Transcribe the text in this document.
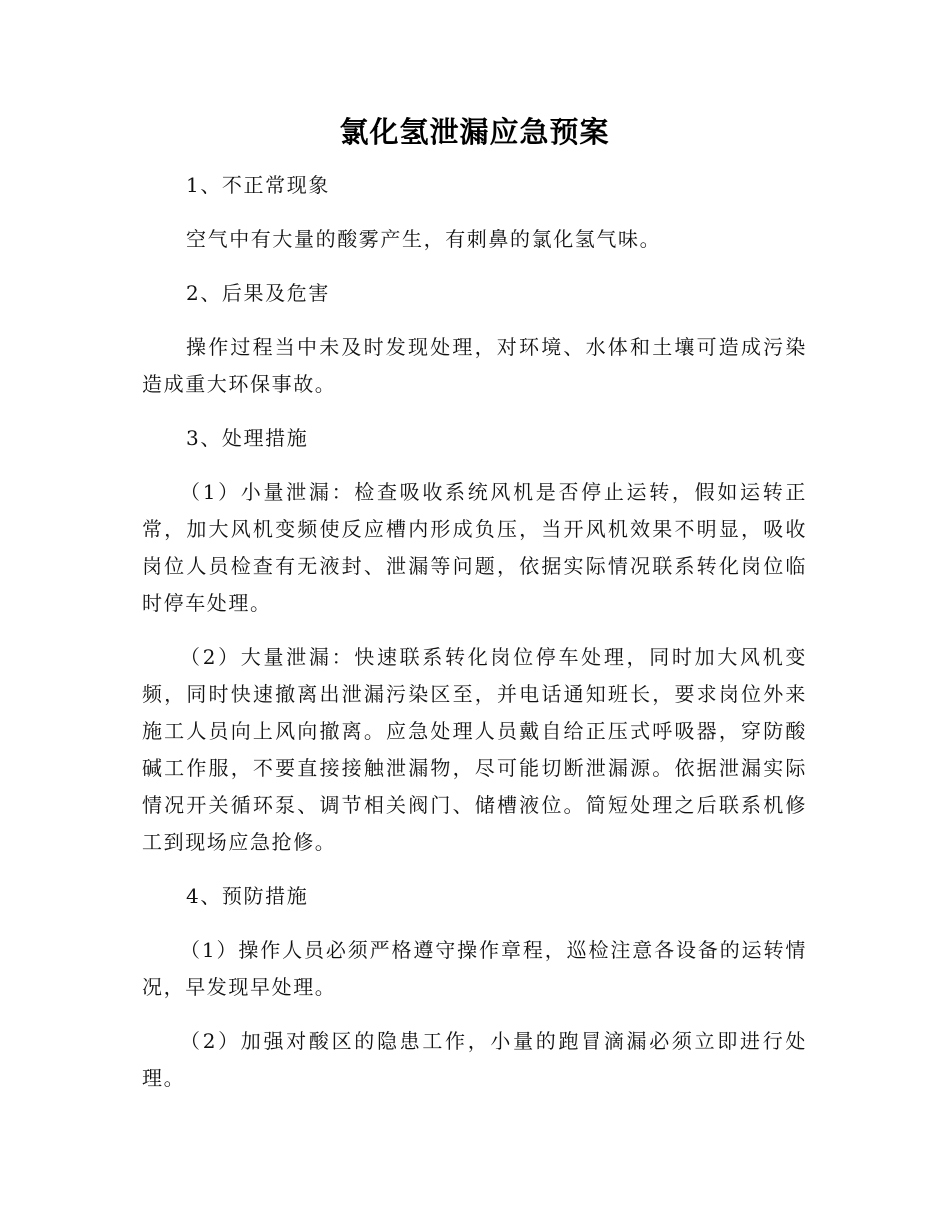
氯化氢泄漏应急预案

1、不正常现象

空气中有大量的酸雾产生，有刺鼻的氯化氢气味。

2、后果及危害

操作过程当中未及时发现处理，对环境、水体和土壤可造成污染造成重大环保事故。

3、处理措施

（1）小量泄漏：检查吸收系统风机是否停止运转，假如运转正常，加大风机变频使反应槽内形成负压，当开风机效果不明显，吸收岗位人员检查有无液封、泄漏等问题，依据实际情况联系转化岗位临时停车处理。

（2）大量泄漏：快速联系转化岗位停车处理，同时加大风机变频，同时快速撤离出泄漏污染区至，并电话通知班长，要求岗位外来施工人员向上风向撤离。应急处理人员戴自给正压式呼吸器，穿防酸碱工作服，不要直接接触泄漏物，尽可能切断泄漏源。依据泄漏实际情况开关循环泵、调节相关阀门、储槽液位。简短处理之后联系机修工到现场应急抢修。

4、预防措施

（1）操作人员必须严格遵守操作章程，巡检注意各设备的运转情况，早发现早处理。

（2）加强对酸区的隐患工作，小量的跑冒滴漏必须立即进行处理。
